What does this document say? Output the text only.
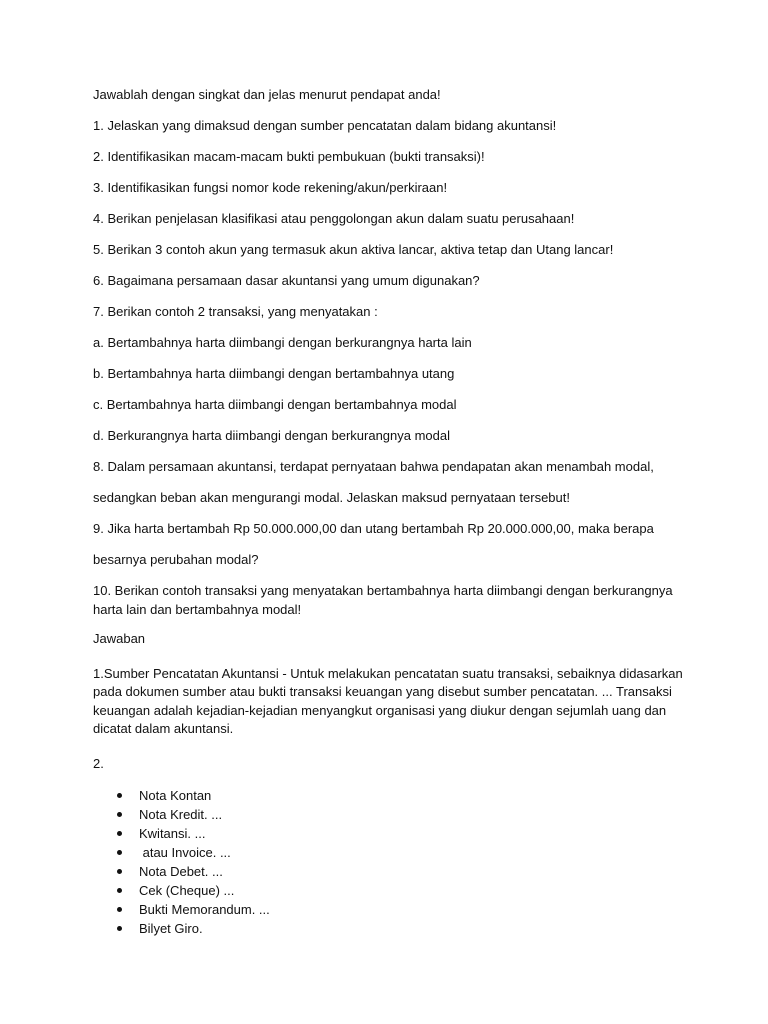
Jawablah dengan singkat dan jelas menurut pendapat anda!

1. Jelaskan yang dimaksud dengan sumber pencatatan dalam bidang akuntansi!

2. Identifikasikan macam-macam bukti pembukuan (bukti transaksi)!

3. Identifikasikan fungsi nomor kode rekening/akun/perkiraan!

4. Berikan penjelasan klasifikasi atau penggolongan akun dalam suatu perusahaan!

5. Berikan 3 contoh akun yang termasuk akun aktiva lancar, aktiva tetap dan Utang lancar!

6. Bagaimana persamaan dasar akuntansi yang umum digunakan?

7. Berikan contoh 2 transaksi, yang menyatakan :

a. Bertambahnya harta diimbangi dengan berkurangnya harta lain

b. Bertambahnya harta diimbangi dengan bertambahnya utang

c. Bertambahnya harta diimbangi dengan bertambahnya modal

d. Berkurangnya harta diimbangi dengan berkurangnya modal

8. Dalam persamaan akuntansi, terdapat pernyataan bahwa pendapatan akan menambah modal,

sedangkan beban akan mengurangi modal. Jelaskan maksud pernyataan tersebut!

9. Jika harta bertambah Rp 50.000.000,00 dan utang bertambah Rp 20.000.000,00, maka berapa

besarnya perubahan modal?

10. Berikan contoh transaksi yang menyatakan bertambahnya harta diimbangi dengan berkurangnya harta lain dan bertambahnya modal!

Jawaban

1.Sumber Pencatatan Akuntansi - Untuk melakukan pencatatan suatu transaksi, sebaiknya didasarkan pada dokumen sumber atau bukti transaksi keuangan yang disebut sumber pencatatan. ... Transaksi keuangan adalah kejadian-kejadian menyangkut organisasi yang diukur dengan sejumlah uang dan dicatat dalam akuntansi.

2.

Nota Kontan
Nota Kredit. ...
Kwitansi. ...
atau Invoice. ...
Nota Debet. ...
Cek (Cheque) ...
Bukti Memorandum. ...
Bilyet Giro.
